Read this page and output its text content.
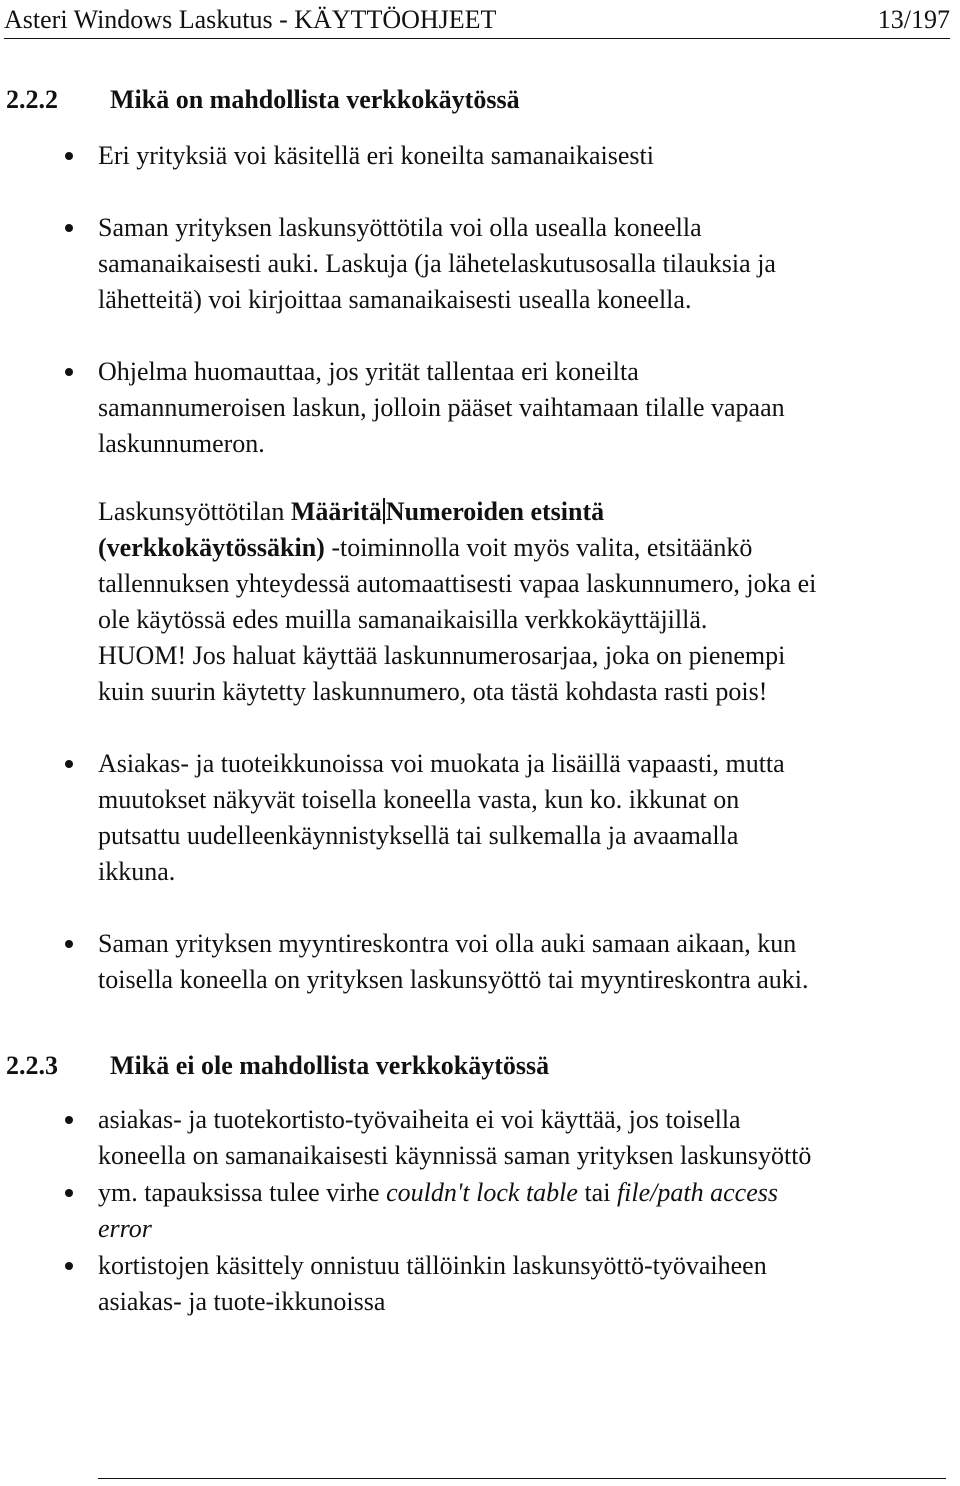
Asteri Windows Laskutus - KÄYTTÖOHJEET	13/197
2.2.2	Mikä on mahdollista verkkokäytössä
Eri yrityksiä voi käsitellä eri koneilta samanaikaisesti
Saman yrityksen laskunsyöttötila voi olla usealla koneella
samanaikaisesti auki. Laskuja (ja lähetelaskutusosalla tilauksia ja
lähetteitä) voi kirjoittaa samanaikaisesti usealla koneella.
Ohjelma huomauttaa, jos yrität tallentaa eri koneilta
samannumeroisen laskun, jolloin pääset vaihtamaan tilalle vapaan
laskunnumeron.
Laskunsyöttötilan Määritä Numeroiden etsintä
(verkkokäytössäkin) -toiminnolla voit myös valita, etsitäänkö
tallennuksen yhteydessä automaattisesti vapaa laskunnumero, joka ei
ole käytössä edes muilla samanaikaisilla verkkokäyttäjillä.
HUOM! Jos haluat käyttää laskunnumerosarjaa, joka on pienempi
kuin suurin käytetty laskunnumero, ota tästä kohdasta rasti pois!
Asiakas- ja tuoteikkunoissa voi muokata ja lisäillä vapaasti, mutta
muutokset näkyvät toisella koneella vasta, kun ko. ikkunat on
putsattu uudelleenkäynnistyksellä tai sulkemalla ja avaamalla
ikkuna.
Saman yrityksen myyntireskontra voi olla auki samaan aikaan, kun
toisella koneella on yrityksen laskunsyöttö tai myyntireskontra auki.
2.2.3	Mikä ei ole mahdollista verkkokäytössä
asiakas- ja tuotekortisto-työvaiheita ei voi käyttää, jos toisella
koneella on samanaikaisesti käynnissä saman yrityksen laskunsyöttö
ym. tapauksissa tulee virhe couldn't lock table tai file/path access
error
kortistojen käsittely onnistuu tällöinkin laskunsyöttö-työvaiheen
asiakas- ja tuote-ikkunoissa
